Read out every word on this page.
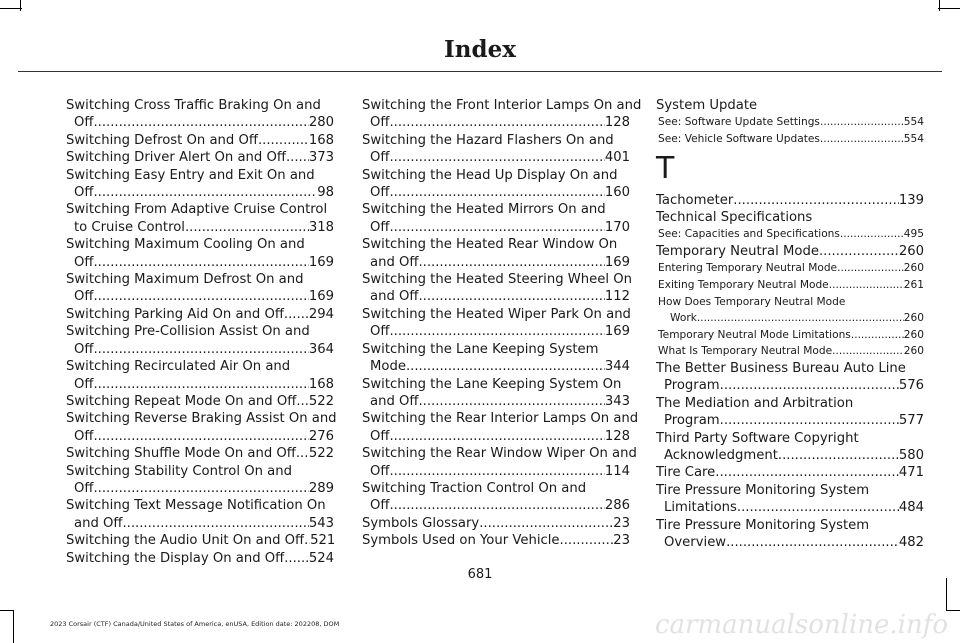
Index
Switching Cross Traffic Braking On and
Off .....	280
Switching Defrost On and Off .....	168
Switching Driver Alert On and Off ..... 373
Switching Easy Entry and Exit On and
Off .....	98
Switching From Adaptive Cruise Control
to Cruise Control .....	318
Switching Maximum Cooling On and
Off .....	169
Switching Maximum Defrost On and
Off .....	169
Switching Parking Aid On and Off ..... 294
Switching Pre-Collision Assist On and
Off .....	364
Switching Recirculated Air On and
Off .....	168
Switching Repeat Mode On and Off ..... 522
Switching Reverse Braking Assist On and
Off .....	276
Switching Shuffle Mode On and Off ..... 522
Switching Stability Control On and
Off .....	289
Switching Text Message Notification On
and Off .....	543
Switching the Audio Unit On and Off ..... 521
Switching the Display On and Off ..... 524
Switching the Front Interior Lamps On and
Off .....	128
Switching the Hazard Flashers On and
Off .....	401
Switching the Head Up Display On and
Off .....	160
Switching the Heated Mirrors On and
Off .....	170
Switching the Heated Rear Window On
and Off .....	169
Switching the Heated Steering Wheel On
and Off .....	112
Switching the Heated Wiper Park On and
Off .....	169
Switching the Lane Keeping System
Mode .....	344
Switching the Lane Keeping System On
and Off .....	343
Switching the Rear Interior Lamps On and
Off .....	128
Switching the Rear Window Wiper On and
Off .....	114
Switching Traction Control On and
Off .....	286
Symbols Glossary .....	23
Symbols Used on Your Vehicle .....	23
System Update
See: Software Update Settings .....	554
See: Vehicle Software Updates .....	554
T
Tachometer .....	139
Technical Specifications
See: Capacities and Specifications .....	495
Temporary Neutral Mode .....	260
Entering Temporary Neutral Mode .....	260
Exiting Temporary Neutral Mode .....	261
How Does Temporary Neutral Mode
Work .....	260
Temporary Neutral Mode Limitations .....	260
What Is Temporary Neutral Mode .....	260
The Better Business Bureau Auto Line
Program .....	576
The Mediation and Arbitration
Program .....	577
Third Party Software Copyright
Acknowledgment .....	580
Tire Care .....	471
Tire Pressure Monitoring System
Limitations .....	484
Tire Pressure Monitoring System
Overview .....	482
681
2023 Corsair (CTF) Canada/United States of America, enUSA, Edition date: 202208, DOM	carmanualsonline.info
